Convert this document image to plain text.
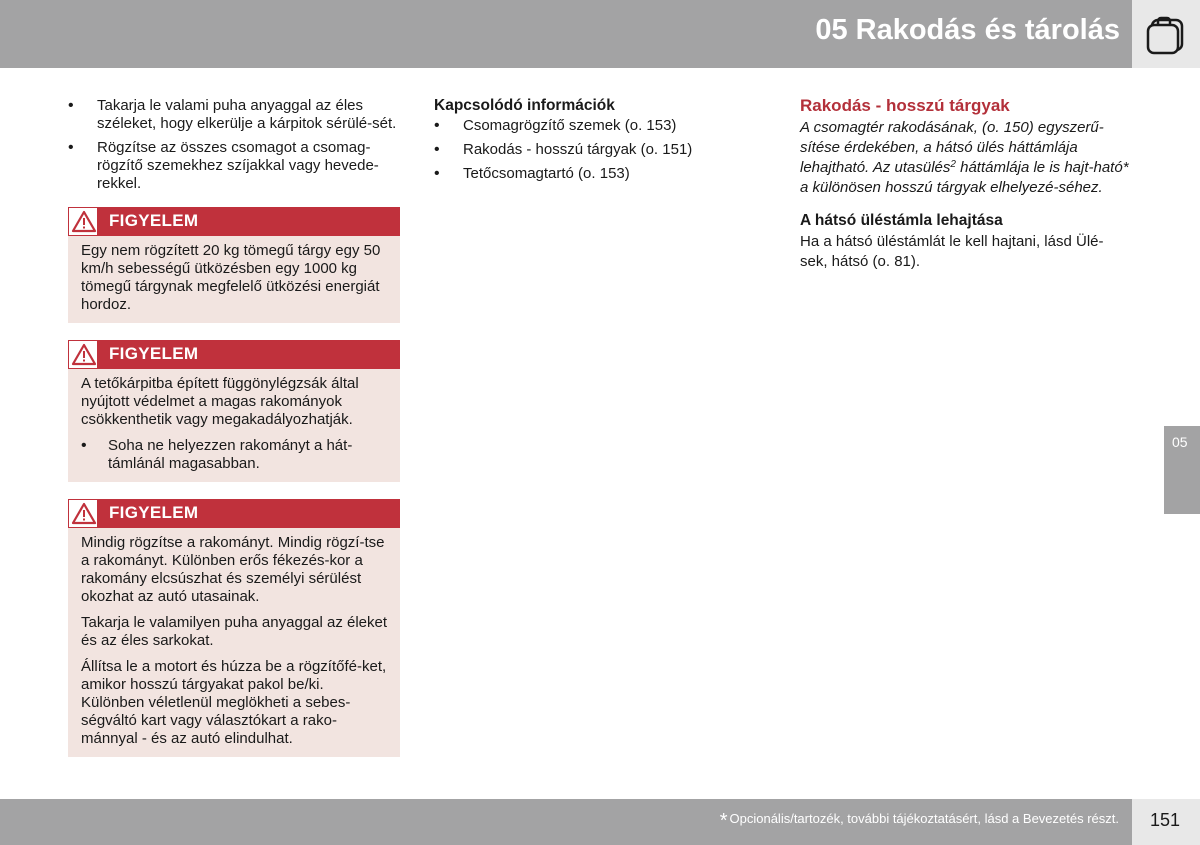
05 Rakodás és tárolás
05
• Takarja le valami puha anyaggal az éles széleket, hogy elkerülje a kárpitok sérülé-sét.
• Rögzítse az összes csomagot a csomag-rögzítő szemekhez szíjakkal vagy hevede-rekkel.
FIGYELEM

Egy nem rögzített 20 kg tömegű tárgy egy 50 km/h sebességű ütközésben egy 1000 kg tömegű tárgynak megfelelő ütközési energiát hordoz.

FIGYELEM

A tetőkárpitba épített függönylégzsák által nyújtott védelmet a magas rakományok csökkenthetik vagy megakadályozhatják.

• Soha ne helyezzen rakományt a hát-támlánál magasabban.
FIGYELEM

Mindig rögzítse a rakományt. Mindig rögzí-tse a rakományt. Különben erős fékezés-kor a rakomány elcsúszhat és személyi sérülést okozhat az autó utasainak.

Takarja le valamilyen puha anyaggal az éleket és az éles sarkokat.

Állítsa le a motort és húzza be a rögzítőfé-ket, amikor hosszú tárgyakat pakol be/ki. Különben véletlenül meglökheti a sebes-ségváltó kart vagy választókart a rako-mánnyal - és az autó elindulhat.

Kapcsolódó információk
• Csomagrögzítő szemek (o. 153)
• Rakodás - hosszú tárgyak (o. 151)
• Tetőcsomagtartó (o. 153)
Rakodás - hosszú tárgyak

A csomagtér rakodásának, (o. 150) egyszerű-sítése érdekében, a hátsó ülés háttámlája lehajtható. Az utasülés$^2$ háttámlája le is hajt-ható* a különösen hosszú tárgyak elhelyezé-séhez.

A hátsó üléstámla lehajtása

Ha a hátsó üléstámlát le kell hajtani, lásd Ülé-sek, hátsó (o. 81).

* Opcionális/tartozék, további tájékoztatásért, lásd a Bevezetés részt. 151
